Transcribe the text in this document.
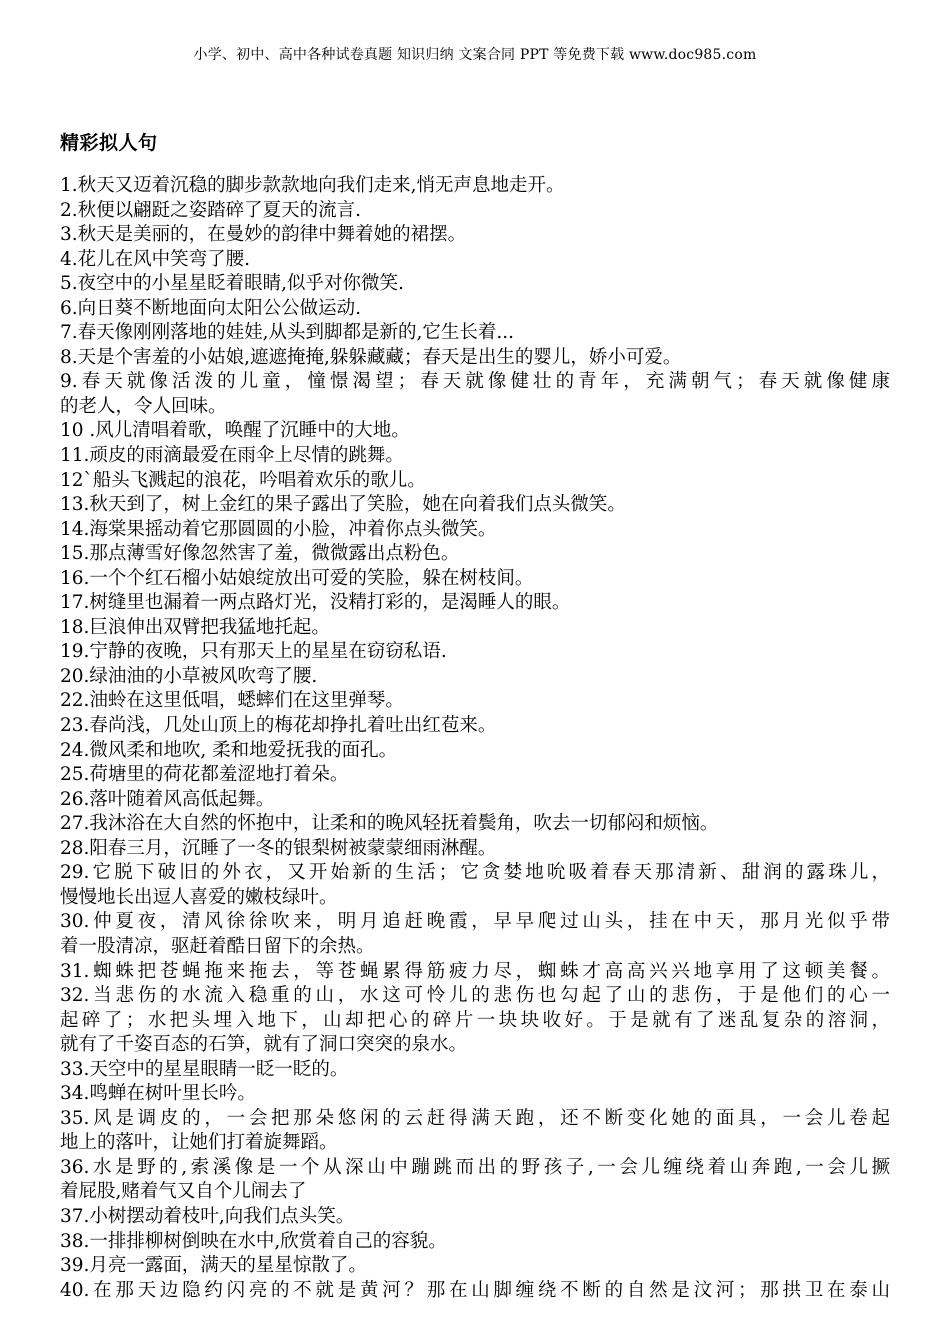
小学、初中、高中各种试卷真题 知识归纳 文案合同 PPT 等免费下载 www.doc985.com
精彩拟人句
1.秋天又迈着沉稳的脚步款款地向我们走来,悄无声息地走开。
2.秋便以翩跹之姿踏碎了夏天的流言.
3.秋天是美丽的，在曼妙的韵律中舞着她的裙摆。
4.花儿在风中笑弯了腰.
5.夜空中的小星星眨着眼睛,似乎对你微笑.
6.向日葵不断地面向太阳公公做运动.
7.春天像刚刚落地的娃娃,从头到脚都是新的,它生长着...
8.天是个害羞的小姑娘,遮遮掩掩,躲躲藏藏；春天是出生的婴儿，娇小可爱。
9.春天就像活泼的儿童，憧憬渴望；春天就像健壮的青年，充满朝气；春天就像健康
的老人，令人回味。
10 .风儿清唱着歌，唤醒了沉睡中的大地。
11.顽皮的雨滴最爱在雨伞上尽情的跳舞。
12`船头飞溅起的浪花，吟唱着欢乐的歌儿。
13.秋天到了，树上金红的果子露出了笑脸，她在向着我们点头微笑。
14.海棠果摇动着它那圆圆的小脸，冲着你点头微笑。
15.那点薄雪好像忽然害了羞，微微露出点粉色。
16.一个个红石榴小姑娘绽放出可爱的笑脸，躲在树枝间。
17.树缝里也漏着一两点路灯光，没精打彩的，是渴睡人的眼。
18.巨浪伸出双臂把我猛地托起。
19.宁静的夜晚，只有那天上的星星在窃窃私语.
20.绿油油的小草被风吹弯了腰.
22.油蛉在这里低唱，蟋蟀们在这里弹琴。
23.春尚浅，几处山顶上的梅花却挣扎着吐出红苞来。
24.微风柔和地吹, 柔和地爱抚我的面孔。
25.荷塘里的荷花都羞涩地打着朵。
26.落叶随着风高低起舞。
27.我沐浴在大自然的怀抱中，让柔和的晚风轻抚着鬓角，吹去一切郁闷和烦恼。
28.阳春三月，沉睡了一冬的银梨树被蒙蒙细雨淋醒。
29.它脱下破旧的外衣，又开始新的生活；它贪婪地吮吸着春天那清新、甜润的露珠儿，
慢慢地长出逗人喜爱的嫩枝绿叶。
30.仲夏夜，清风徐徐吹来，明月追赶晚霞，早早爬过山头，挂在中天，那月光似乎带
着一股清凉，驱赶着酷日留下的余热。
31.蜘蛛把苍蝇拖来拖去，等苍蝇累得筋疲力尽，蜘蛛才高高兴兴地享用了这顿美餐。
32.当悲伤的水流入稳重的山，水这可怜儿的悲伤也勾起了山的悲伤，于是他们的心一
起碎了；水把头埋入地下，山却把心的碎片一块块收好。于是就有了迷乱复杂的溶洞，
就有了千姿百态的石笋，就有了洞口突突的泉水。
33.天空中的星星眼睛一眨一眨的。
34.鸣蝉在树叶里长吟。
35.风是调皮的，一会把那朵悠闲的云赶得满天跑，还不断变化她的面具，一会儿卷起
地上的落叶，让她们打着旋舞蹈。
36.水是野的,索溪像是一个从深山中蹦跳而出的野孩子,一会儿缠绕着山奔跑,一会儿撅
着屁股,赌着气又自个儿闹去了
37.小树摆动着枝叶,向我们点头笑。
38.一排排柳树倒映在水中,欣赏着自己的容貌。
39.月亮一露面，满天的星星惊散了。
40.在那天边隐约闪亮的不就是黄河？那在山脚缠绕不断的自然是汶河；那拱卫在泰山
